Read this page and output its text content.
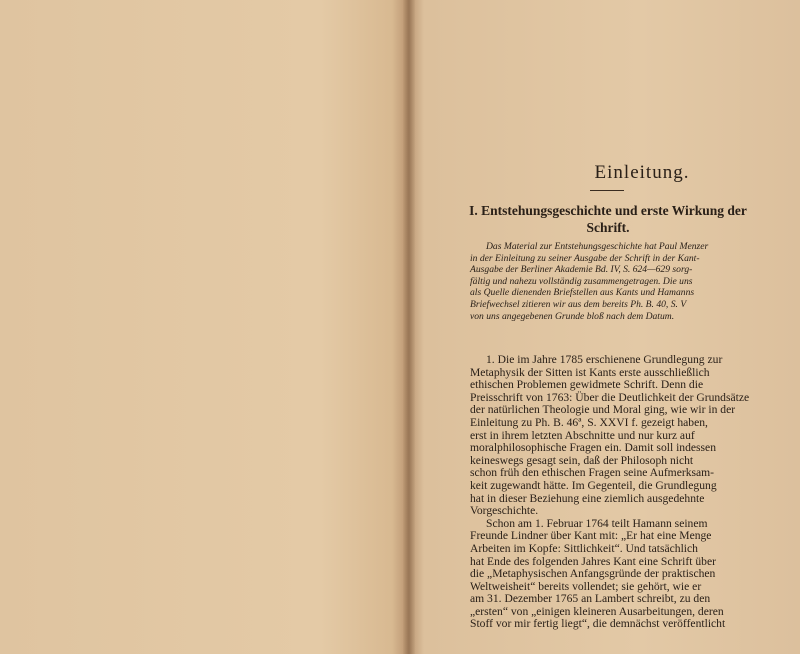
Einleitung.
I. Entstehungsgeschichte und erste Wirkung der Schrift.
Das Material zur Entstehungsgeschichte hat Paul Menzer
in der Einleitung zu seiner Ausgabe der Schrift in der Kant-
Ausgabe der Berliner Akademie Bd. IV, S. 624—629 sorg-
fältig und nahezu vollständig zusammengetragen. Die uns
als Quelle dienenden Briefstellen aus Kants und Hamanns
Briefwechsel zitieren wir aus dem bereits Ph. B. 40, S. V
von uns angegebenen Grunde bloß nach dem Datum.
1. Die im Jahre 1785 erschienene Grundlegung zur
Metaphysik der Sitten ist Kants erste ausschließlich
ethischen Problemen gewidmete Schrift. Denn die
Preisschrift von 1763: Über die Deutlichkeit der Grundsätze
der natürlichen Theologie und Moral ging, wie wir in der
Einleitung zu Ph. B. 46ª, S. XXVI f. gezeigt haben,
erst in ihrem letzten Abschnitte und nur kurz auf
moralphilosophische Fragen ein. Damit soll indessen
keineswegs gesagt sein, daß der Philosoph nicht
schon früh den ethischen Fragen seine Aufmerksam-
keit zugewandt hätte. Im Gegenteil, die Grundlegung
hat in dieser Beziehung eine ziemlich ausgedehnte
Vorgeschichte.
Schon am 1. Februar 1764 teilt Hamann seinem
Freunde Lindner über Kant mit: „Er hat eine Menge
Arbeiten im Kopfe: Sittlichkeit“. Und tatsächlich
hat Ende des folgenden Jahres Kant eine Schrift über
die „Metaphysischen Anfangsgründe der praktischen
Weltweisheit“ bereits vollendet; sie gehört, wie er
am 31. Dezember 1765 an Lambert schreibt, zu den
„ersten“ von „einigen kleineren Ausarbeitungen, deren
Stoff vor mir fertig liegt“, die demnächst veröffentlicht
